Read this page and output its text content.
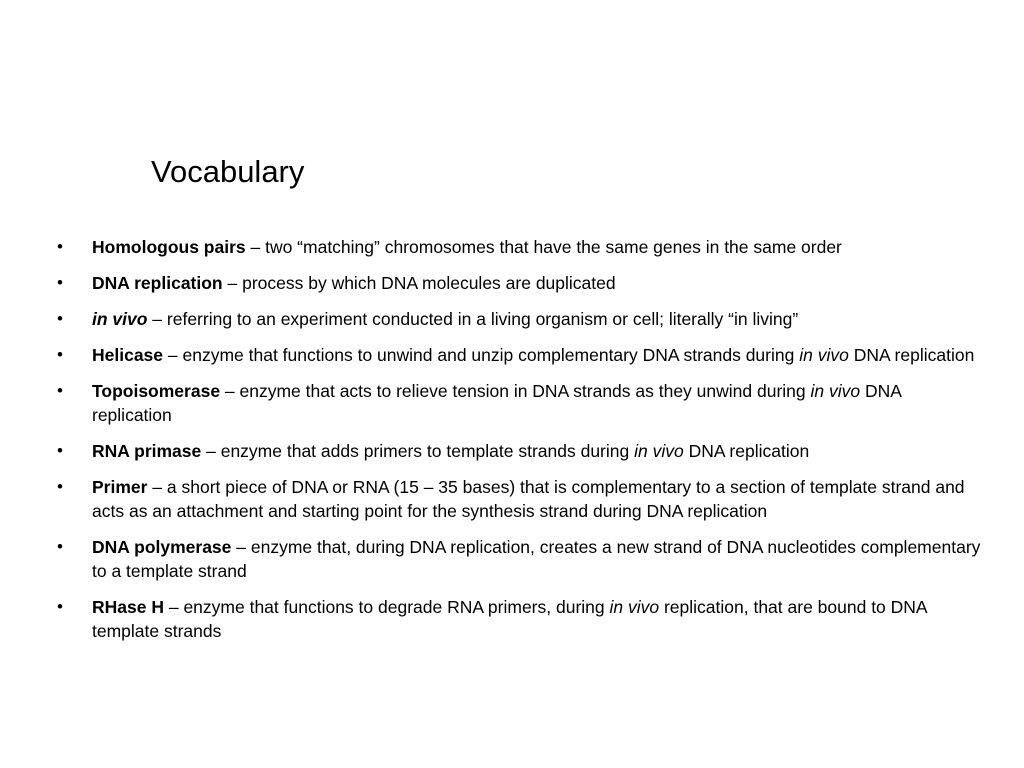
Vocabulary
• Homologous pairs – two “matching” chromosomes that have the same genes in the same order
• DNA replication – process by which DNA molecules are duplicated
• in vivo – referring to an experiment conducted in a living organism or cell; literally “in living”
• Helicase – enzyme that functions to unwind and unzip complementary DNA strands during in vivo DNA replication
• Topoisomerase – enzyme that acts to relieve tension in DNA strands as they unwind during in vivo DNA replication
• RNA primase – enzyme that adds primers to template strands during in vivo DNA replication
• Primer – a short piece of DNA or RNA (15 – 35 bases) that is complementary to a section of template strand and acts as an attachment and starting point for the synthesis strand during DNA replication
• DNA polymerase – enzyme that, during DNA replication, creates a new strand of DNA nucleotides complementary to a template strand
• RHase H – enzyme that functions to degrade RNA primers, during in vivo replication, that are bound to DNA template strands
